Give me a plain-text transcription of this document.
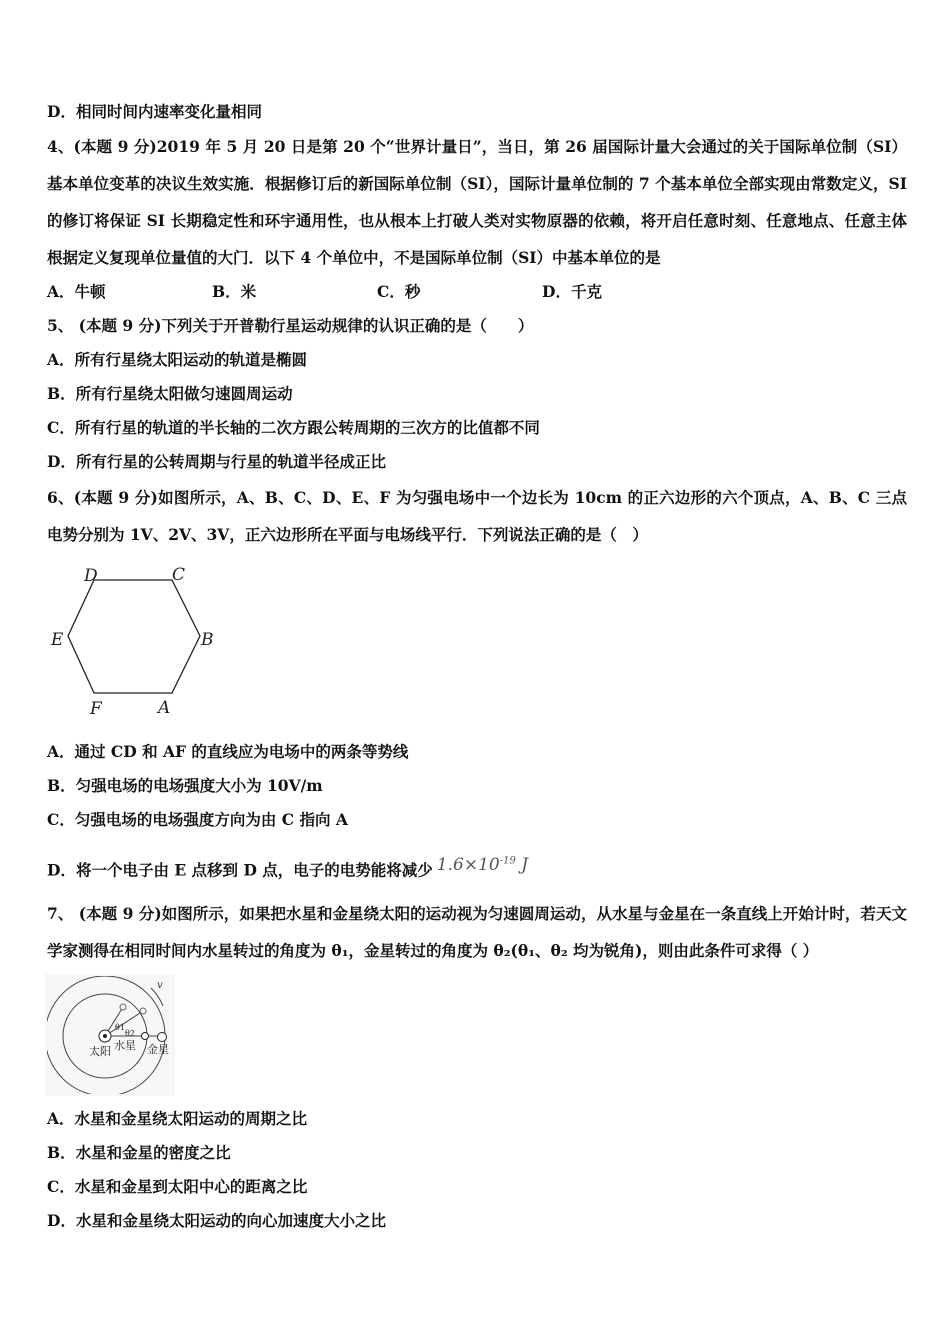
D．相同时间内速率变化量相同
4、(本题 9 分)2019 年 5 月 20 日是第 20 个“世界计量日”，当日，第 26 届国际计量大会通过的关于国际单位制（SI）基本单位变革的决议生效实施．根据修订后的新国际单位制（SI），国际计量单位制的 7 个基本单位全部实现由常数定义，SI 的修订将保证 SI 长期稳定性和环宇通用性，也从根本上打破人类对实物原器的依赖，将开启任意时刻、任意地点、任意主体根据定义复现单位量值的大门．以下 4 个单位中，不是国际单位制（SI）中基本单位的是
A．牛顿	B．米	C．秒	D．千克
5、 (本题 9 分)下列关于开普勒行星运动规律的认识正确的是（　　）
A．所有行星绕太阳运动的轨道是椭圆
B．所有行星绕太阳做匀速圆周运动
C．所有行星的轨道的半长轴的二次方跟公转周期的三次方的比值都不同
D．所有行星的公转周期与行星的轨道半径成正比
6、(本题 9 分)如图所示，A、B、C、D、E、F 为匀强电场中一个边长为 10cm 的正六边形的六个顶点，A、B、C 三点电势分别为 1V、2V、3V，正六边形所在平面与电场线平行．下列说法正确的是（　）
D	C
E	B
F	A
A．通过 CD 和 AF 的直线应为电场中的两条等势线
B．匀强电场的电场强度大小为 10V/m
C．匀强电场的电场强度方向为由 C 指向 A
D．将一个电子由 E 点移到 D 点，电子的电势能将减少 $1.6\times 10^{-19}$ J
7、 (本题 9 分)如图所示，如果把水星和金星绕太阳的运动视为匀速圆周运动，从水星与金星在一条直线上开始计时，若天文学家测得在相同时间内水星转过的角度为 θ₁，金星转过的角度为 θ₂(θ₁、θ₂ 均为锐角)，则由此条件可求得（ ）
v
θ1
θ2
太阳 水星 金星
A．水星和金星绕太阳运动的周期之比
B．水星和金星的密度之比
C．水星和金星到太阳中心的距离之比
D．水星和金星绕太阳运动的向心加速度大小之比
